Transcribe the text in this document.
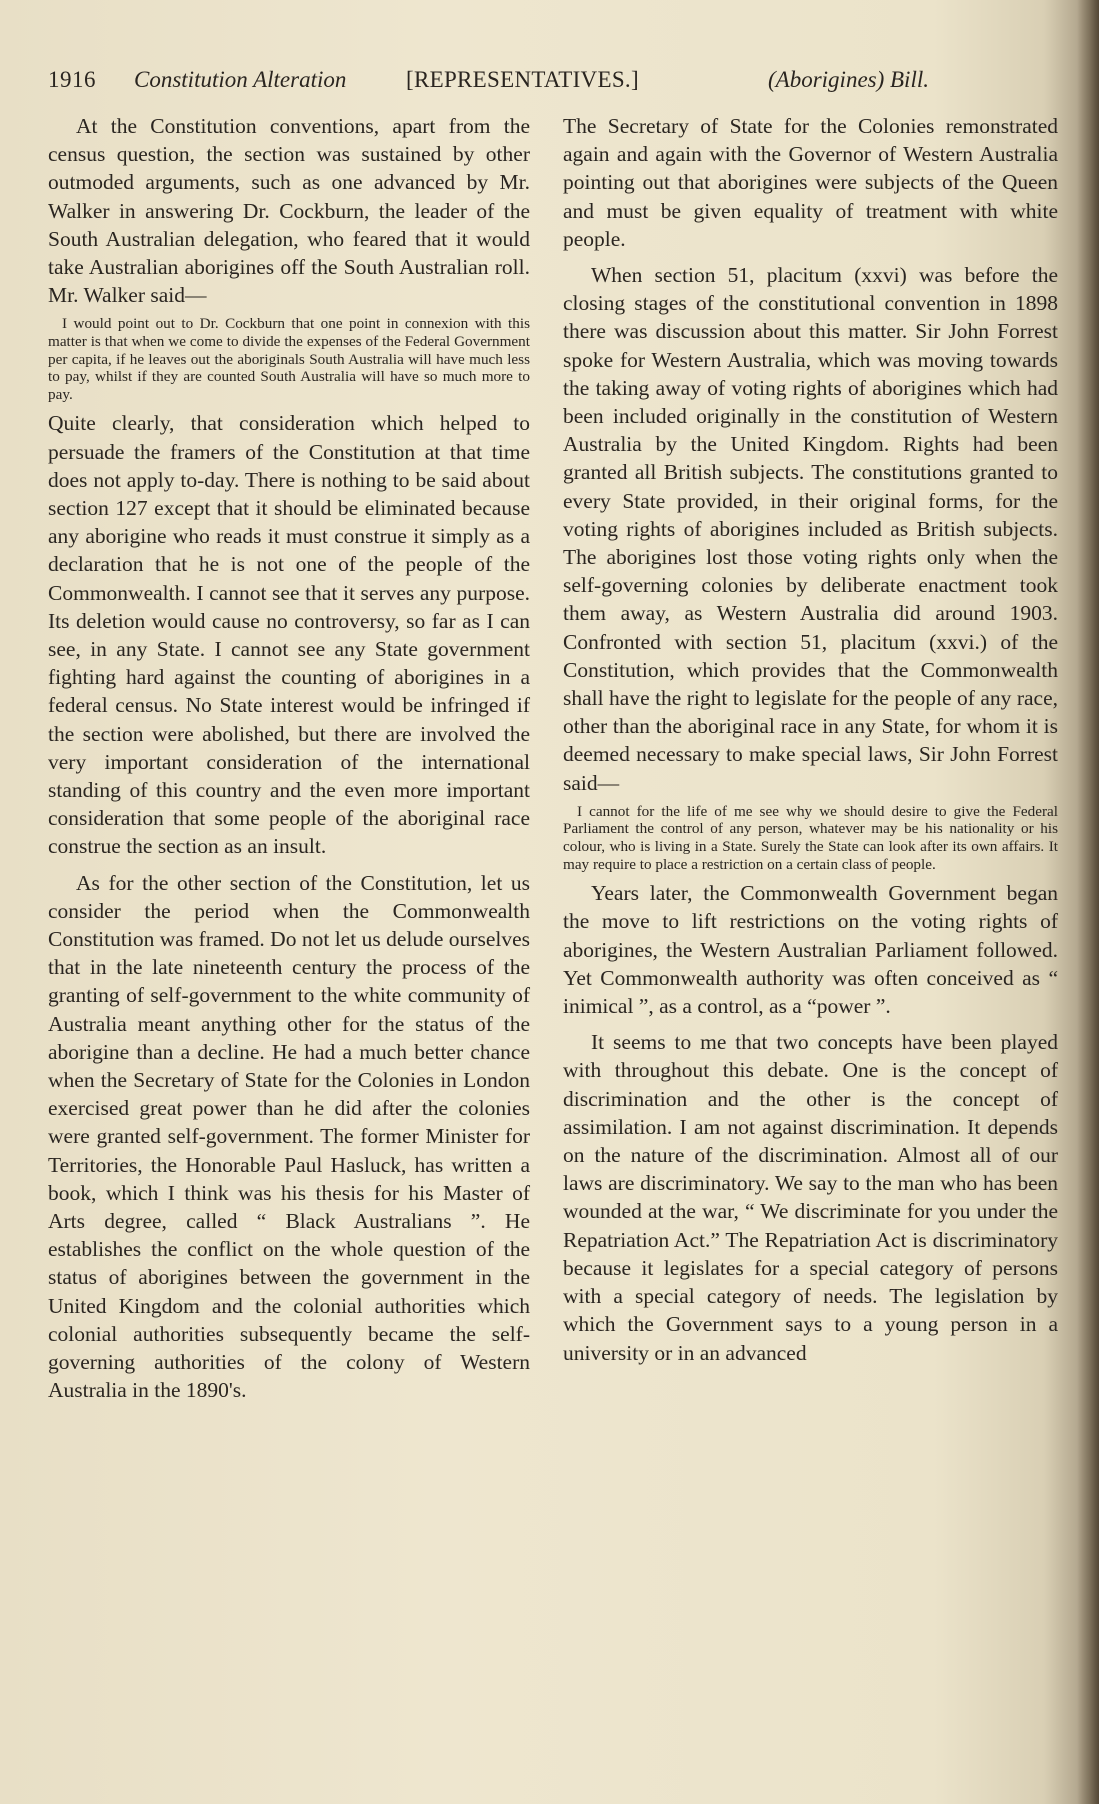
1916 Constitution Alteration	[REPRESENTATIVES.]	(Aborigines) Bill.

At the Constitution conventions, apart from the census question, the section was sustained by other outmoded arguments, such as one advanced by Mr. Walker in answering Dr. Cockburn, the leader of the South Australian delegation, who feared that it would take Australian aborigines off the South Australian roll. Mr. Walker said—

I would point out to Dr. Cockburn that one point in connexion with this matter is that when we come to divide the expenses of the Federal Government per capita, if he leaves out the aboriginals South Australia will have much less to pay, whilst if they are counted South Australia will have so much more to pay.

Quite clearly, that consideration which helped to persuade the framers of the Constitution at that time does not apply to-day. There is nothing to be said about section 127 except that it should be eliminated because any aborigine who reads it must construe it simply as a declaration that he is not one of the people of the Commonwealth. I cannot see that it serves any purpose. Its deletion would cause no controversy, so far as I can see, in any State. I cannot see any State government fighting hard against the counting of aborigines in a federal census. No State interest would be infringed if the section were abolished, but there are involved the very important consideration of the international standing of this country and the even more important consideration that some people of the aboriginal race construe the section as an insult.

As for the other section of the Constitution, let us consider the period when the Commonwealth Constitution was framed. Do not let us delude ourselves that in the late nineteenth century the process of the granting of self-government to the white community of Australia meant anything other for the status of the aborigine than a decline. He had a much better chance when the Secretary of State for the Colonies in London exercised great power than he did after the colonies were granted self-government. The former Minister for Territories, the Honorable Paul Hasluck, has written a book, which I think was his thesis for his Master of Arts degree, called “ Black Australians ”. He establishes the conflict on the whole question of the status of aborigines between the government in the United Kingdom and the colonial authorities which colonial authorities subsequently became the self-governing authorities of the colony of Western Australia in the 1890's.

The Secretary of State for the Colonies remonstrated again and again with the Governor of Western Australia pointing out that aborigines were subjects of the Queen and must be given equality of treatment with white people.

When section 51, placitum (xxvi) was before the closing stages of the constitutional convention in 1898 there was discussion about this matter. Sir John Forrest spoke for Western Australia, which was moving towards the taking away of voting rights of aborigines which had been included originally in the constitution of Western Australia by the United Kingdom. Rights had been granted all British subjects. The constitutions granted to every State provided, in their original forms, for the voting rights of aborigines included as British subjects. The aborigines lost those voting rights only when the self-governing colonies by deliberate enactment took them away, as Western Australia did around 1903. Confronted with section 51, placitum (xxvi.) of the Constitution, which provides that the Commonwealth shall have the right to legislate for the people of any race, other than the aboriginal race in any State, for whom it is deemed necessary to make special laws, Sir John Forrest said—

I cannot for the life of me see why we should desire to give the Federal Parliament the control of any person, whatever may be his nationality or his colour, who is living in a State. Surely the State can look after its own affairs. It may require to place a restriction on a certain class of people.

Years later, the Commonwealth Government began the move to lift restrictions on the voting rights of aborigines, the Western Australian Parliament followed. Yet Commonwealth authority was often conceived as “ inimical ”, as a control, as a “power ”.

It seems to me that two concepts have been played with throughout this debate. One is the concept of discrimination and the other is the concept of assimilation. I am not against discrimination. It depends on the nature of the discrimination. Almost all of our laws are discriminatory. We say to the man who has been wounded at the war, “ We discriminate for you under the Repatriation Act.” The Repatriation Act is discriminatory because it legislates for a special category of persons with a special category of needs. The legislation by which the Government says to a young person in a university or in an advanced
